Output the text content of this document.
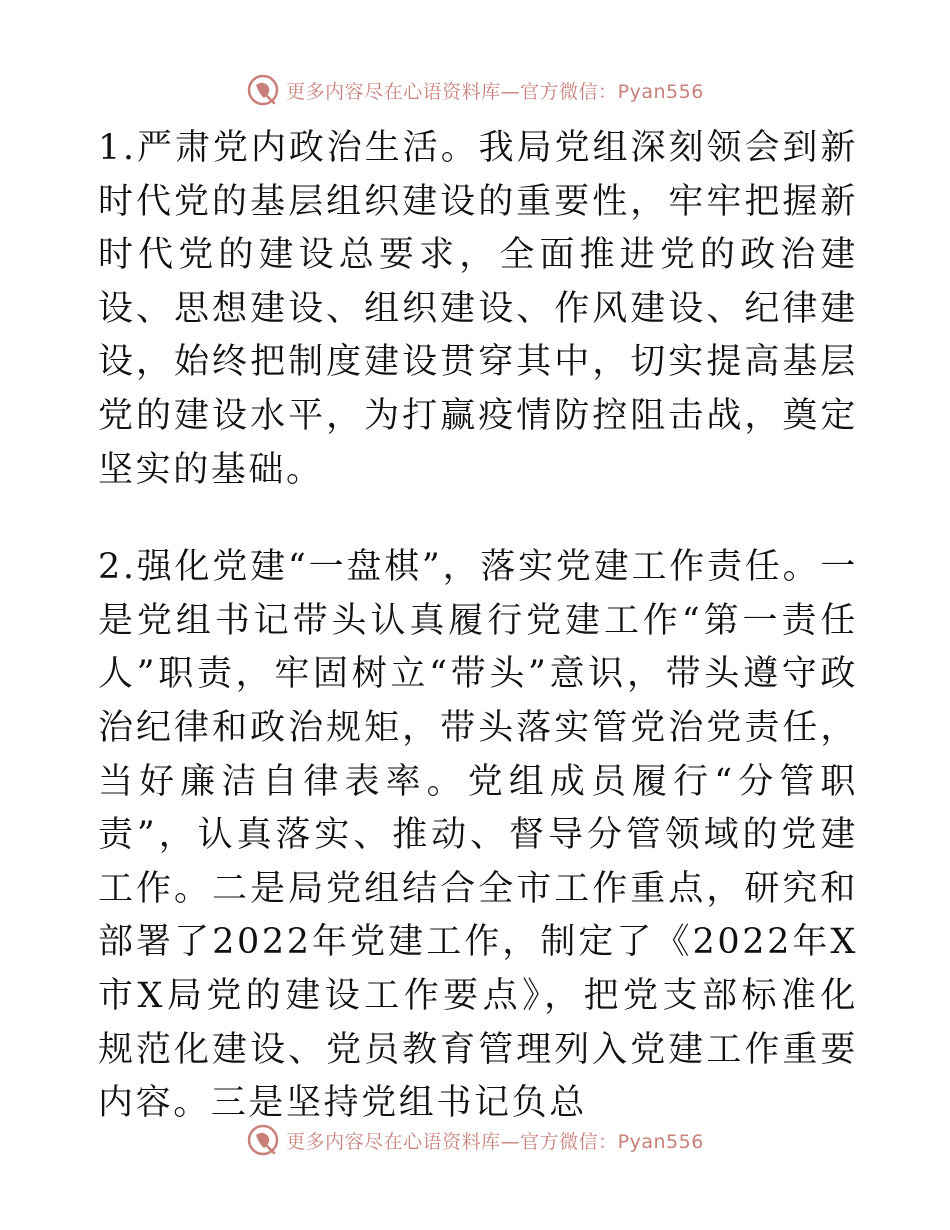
更多内容尽在心语资料库—官方微信：Pyan556

1.严肃党内政治生活。我局党组深刻领会到新时代党的基层组织建设的重要性，牢牢把握新时代党的建设总要求，全面推进党的政治建设、思想建设、组织建设、作风建设、纪律建设，始终把制度建设贯穿其中，切实提高基层党的建设水平，为打赢疫情防控阻击战，奠定坚实的基础。

2.强化党建“一盘棋”，落实党建工作责任。一是党组书记带头认真履行党建工作“第一责任人”职责，牢固树立“带头”意识，带头遵守政治纪律和政治规矩，带头落实管党治党责任，当好廉洁自律表率。党组成员履行“分管职责”，认真落实、推动、督导分管领域的党建工作。二是局党组结合全市工作重点，研究和部署了2022年党建工作，制定了《2022年X市X局党的建设工作要点》，把党支部标准化规范化建设、党员教育管理列入党建工作重要内容。三是坚持党组书记负总

更多内容尽在心语资料库—官方微信：Pyan556
